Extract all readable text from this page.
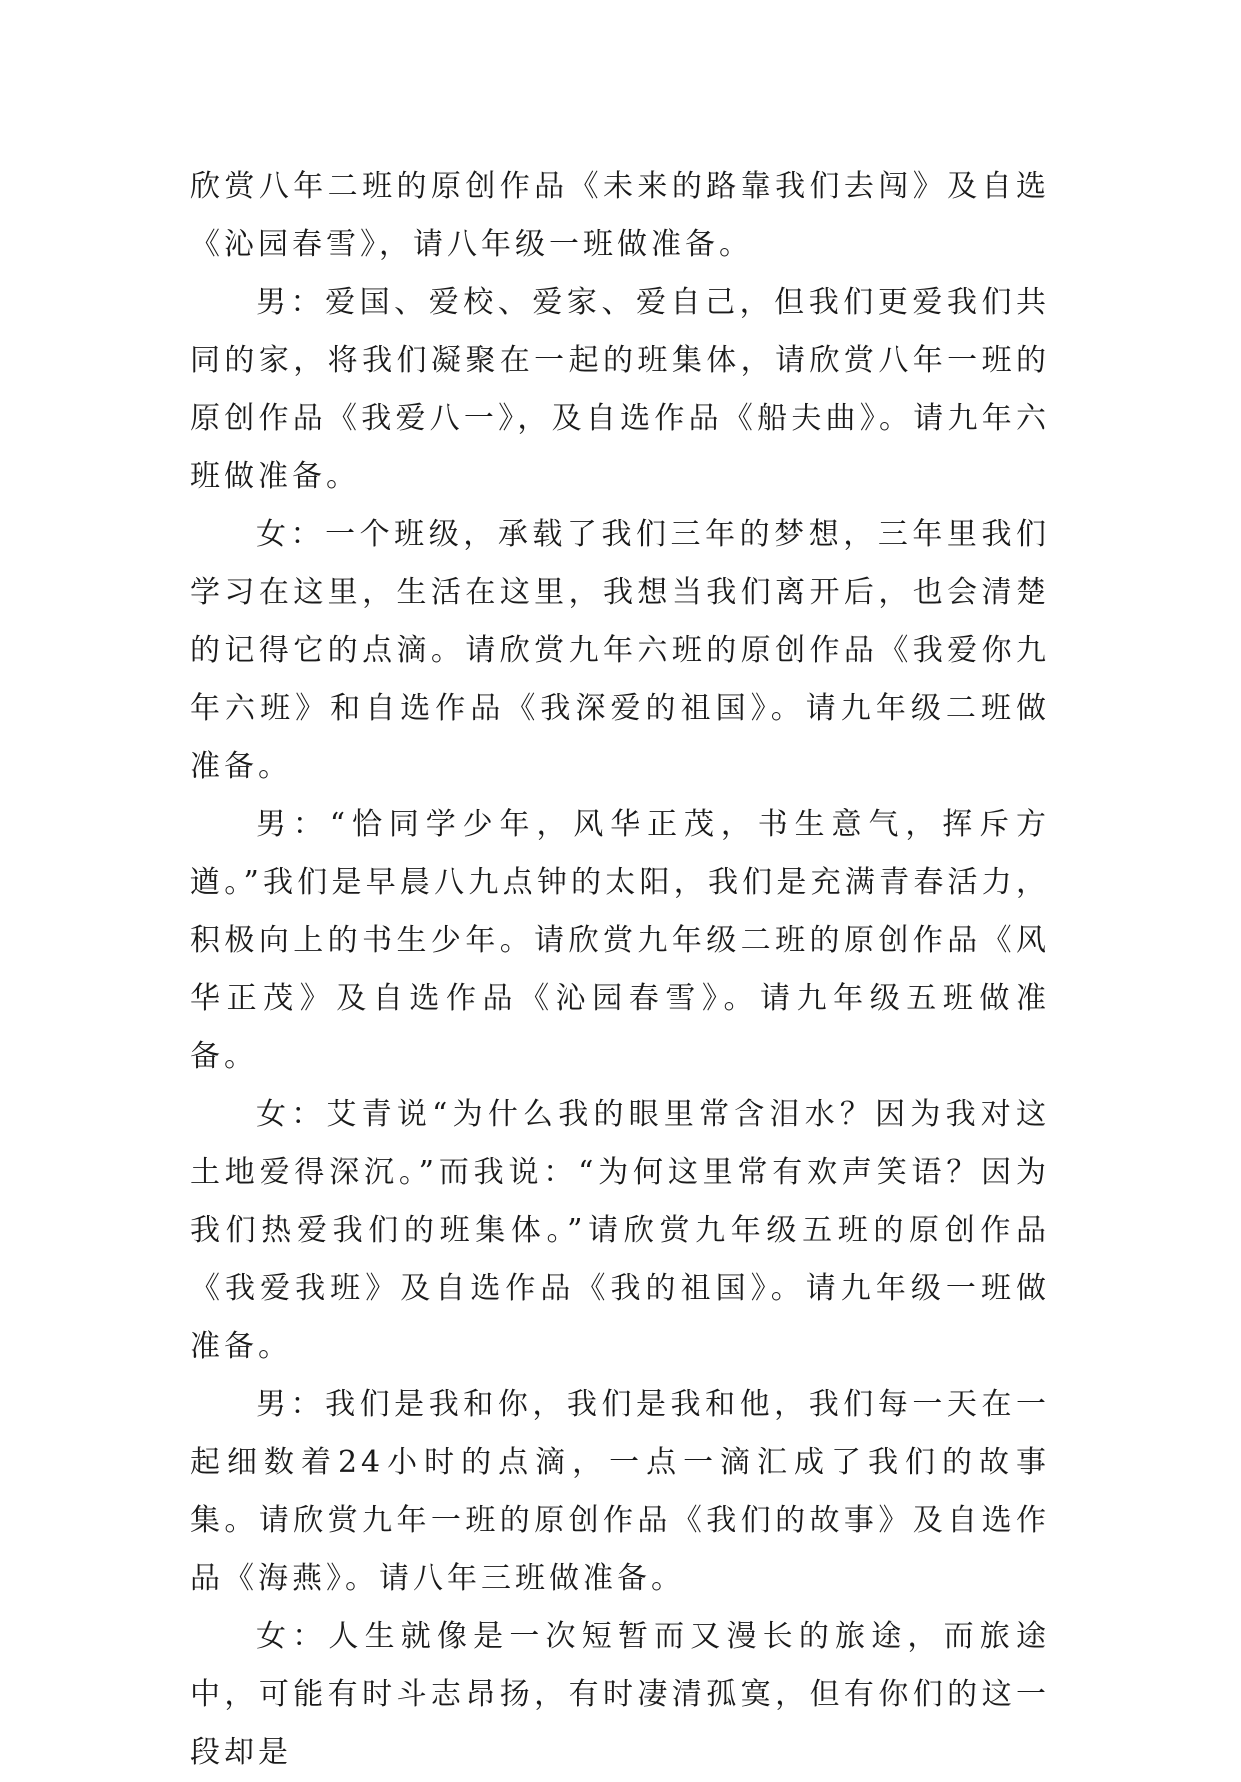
欣赏八年二班的原创作品《未来的路靠我们去闯》及自选《沁园春雪》，请八年级一班做准备。

男：爱国、爱校、爱家、爱自己，但我们更爱我们共同的家，将我们凝聚在一起的班集体，请欣赏八年一班的原创作品《我爱八一》，及自选作品《船夫曲》。请九年六班做准备。

女：一个班级，承载了我们三年的梦想，三年里我们学习在这里，生活在这里，我想当我们离开后，也会清楚的记得它的点滴。请欣赏九年六班的原创作品《我爱你九年六班》和自选作品《我深爱的祖国》。请九年级二班做准备。

男：“恰同学少年，风华正茂，书生意气，挥斥方遒。”我们是早晨八九点钟的太阳，我们是充满青春活力，积极向上的书生少年。请欣赏九年级二班的原创作品《风华正茂》及自选作品《沁园春雪》。请九年级五班做准备。

女：艾青说“为什么我的眼里常含泪水？因为我对这土地爱得深沉。”而我说：“为何这里常有欢声笑语？因为我们热爱我们的班集体。”请欣赏九年级五班的原创作品《我爱我班》及自选作品《我的祖国》。请九年级一班做准备。

男：我们是我和你，我们是我和他，我们每一天在一起细数着24小时的点滴，一点一滴汇成了我们的故事集。请欣赏九年一班的原创作品《我们的故事》及自选作品《海燕》。请八年三班做准备。

女：人生就像是一次短暂而又漫长的旅途，而旅途中，可能有时斗志昂扬，有时凄清孤寞，但有你们的这一段却是
